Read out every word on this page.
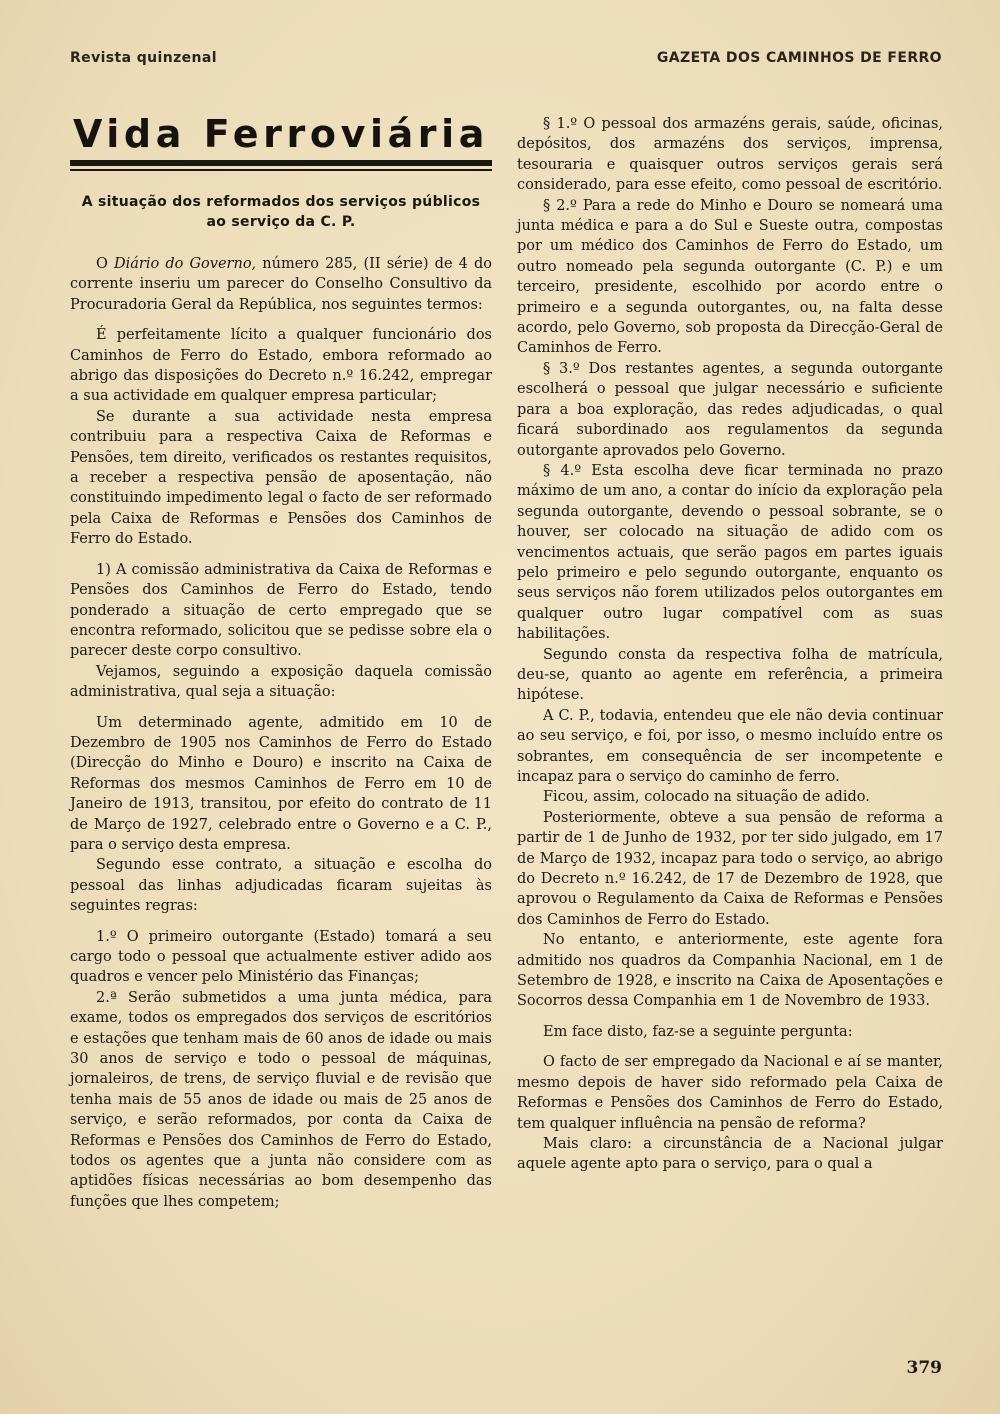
Revista quinzenal	GAZETA DOS CAMINHOS DE FERRO
Vida Ferroviária
A situação dos reformados dos serviços públicos ao serviço da C. P.

O Diário do Governo, número 285, (II série) de 4 do corrente inseriu um parecer do Conselho Consultivo da Procuradoria Geral da República, nos seguintes termos:

É perfeitamente lícito a qualquer funcionário dos Caminhos de Ferro do Estado, embora reformado ao abrigo das disposições do Decreto n.º 16.242, empregar a sua actividade em qualquer empresa particular;

Se durante a sua actividade nesta empresa contribuiu para a respectiva Caixa de Reformas e Pensões, tem direito, verificados os restantes requisitos, a receber a respectiva pensão de aposentação, não constituindo impedimento legal o facto de ser reformado pela Caixa de Reformas e Pensões dos Caminhos de Ferro do Estado.

1) A comissão administrativa da Caixa de Reformas e Pensões dos Caminhos de Ferro do Estado, tendo ponderado a situação de certo empregado que se encontra reformado, solicitou que se pedisse sobre ela o parecer deste corpo consultivo.

Vejamos, seguindo a exposição daquela comissão administrativa, qual seja a situação:

Um determinado agente, admitido em 10 de Dezembro de 1905 nos Caminhos de Ferro do Estado (Direcção do Minho e Douro) e inscrito na Caixa de Reformas dos mesmos Caminhos de Ferro em 10 de Janeiro de 1913, transitou, por efeito do contrato de 11 de Março de 1927, celebrado entre o Governo e a C. P., para o serviço desta empresa.

Segundo esse contrato, a situação e escolha do pessoal das linhas adjudicadas ficaram sujeitas às seguintes regras:

1.º O primeiro outorgante (Estado) tomará a seu cargo todo o pessoal que actualmente estiver adido aos quadros e vencer pelo Ministério das Finanças;

2.ª Serão submetidos a uma junta médica, para exame, todos os empregados dos serviços de escritórios e estações que tenham mais de 60 anos de idade ou mais 30 anos de serviço e todo o pessoal de máquinas, jornaleiros, de trens, de serviço fluvial e de revisão que tenha mais de 55 anos de idade ou mais de 25 anos de serviço, e serão reformados, por conta da Caixa de Reformas e Pensões dos Caminhos de Ferro do Estado, todos os agentes que a junta não considere com as aptidões físicas necessárias ao bom desempenho das funções que lhes competem;

§ 1.º O pessoal dos armazéns gerais, saúde, oficinas, depósitos, dos armazéns dos serviços, imprensa, tesouraria e quaisquer outros serviços gerais será considerado, para esse efeito, como pessoal de escritório.

§ 2.º Para a rede do Minho e Douro se nomeará uma junta médica e para a do Sul e Sueste outra, compostas por um médico dos Caminhos de Ferro do Estado, um outro nomeado pela segunda outorgante (C. P.) e um terceiro, presidente, escolhido por acordo entre o primeiro e a segunda outorgantes, ou, na falta desse acordo, pelo Governo, sob proposta da Direcção-Geral de Caminhos de Ferro.

§ 3.º Dos restantes agentes, a segunda outorgante escolherá o pessoal que julgar necessário e suficiente para a boa exploração, das redes adjudicadas, o qual ficará subordinado aos regulamentos da segunda outorgante aprovados pelo Governo.

§ 4.º Esta escolha deve ficar terminada no prazo máximo de um ano, a contar do início da exploração pela segunda outorgante, devendo o pessoal sobrante, se o houver, ser colocado na situação de adido com os vencimentos actuais, que serão pagos em partes iguais pelo primeiro e pelo segundo outorgante, enquanto os seus serviços não forem utilizados pelos outorgantes em qualquer outro lugar compatível com as suas habilitações.

Segundo consta da respectiva folha de matrícula, deu-se, quanto ao agente em referência, a primeira hipótese.

A C. P., todavia, entendeu que ele não devia continuar ao seu serviço, e foi, por isso, o mesmo incluído entre os sobrantes, em consequência de ser incompetente e incapaz para o serviço do caminho de ferro.

Ficou, assim, colocado na situação de adido.

Posteriormente, obteve a sua pensão de reforma a partir de 1 de Junho de 1932, por ter sido julgado, em 17 de Março de 1932, incapaz para todo o serviço, ao abrigo do Decreto n.º 16.242, de 17 de Dezembro de 1928, que aprovou o Regulamento da Caixa de Reformas e Pensões dos Caminhos de Ferro do Estado.

No entanto, e anteriormente, este agente fora admitido nos quadros da Companhia Nacional, em 1 de Setembro de 1928, e inscrito na Caixa de Aposentações e Socorros dessa Companhia em 1 de Novembro de 1933.

Em face disto, faz-se a seguinte pergunta:

O facto de ser empregado da Nacional e aí se manter, mesmo depois de haver sido reformado pela Caixa de Reformas e Pensões dos Caminhos de Ferro do Estado, tem qualquer influência na pensão de reforma?

Mais claro: a circunstância de a Nacional julgar aquele agente apto para o serviço, para o qual a

379
